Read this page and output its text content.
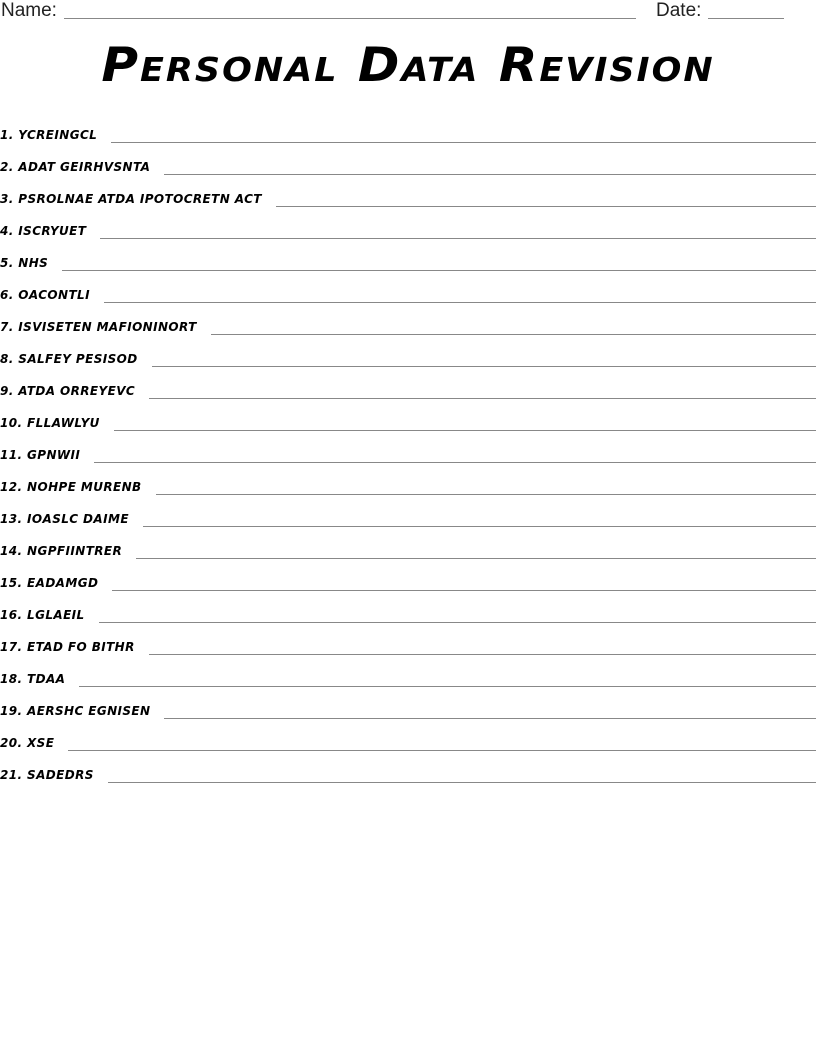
Name:	Date:
Personal Data Revision
1. YCREINGCL
2. ADAT GEIRHVSNTA
3. PSROLNAE ATDA IPOTOCRETN ACT
4. ISCRYUET
5. NHS
6. OACONTLI
7. ISVISETEN MAFIONINORT
8. SALFEY PESISOD
9. ATDA ORREYEVC
10. FLLAWLYU
11. GPNWII
12. NOHPE MURENB
13. IOASLC DAIME
14. NGPFIINTRER
15. EADAMGD
16. LGLAEIL
17. ETAD FO BITHR
18. TDAA
19. AERSHC EGNISEN
20. XSE
21. SADEDRS
